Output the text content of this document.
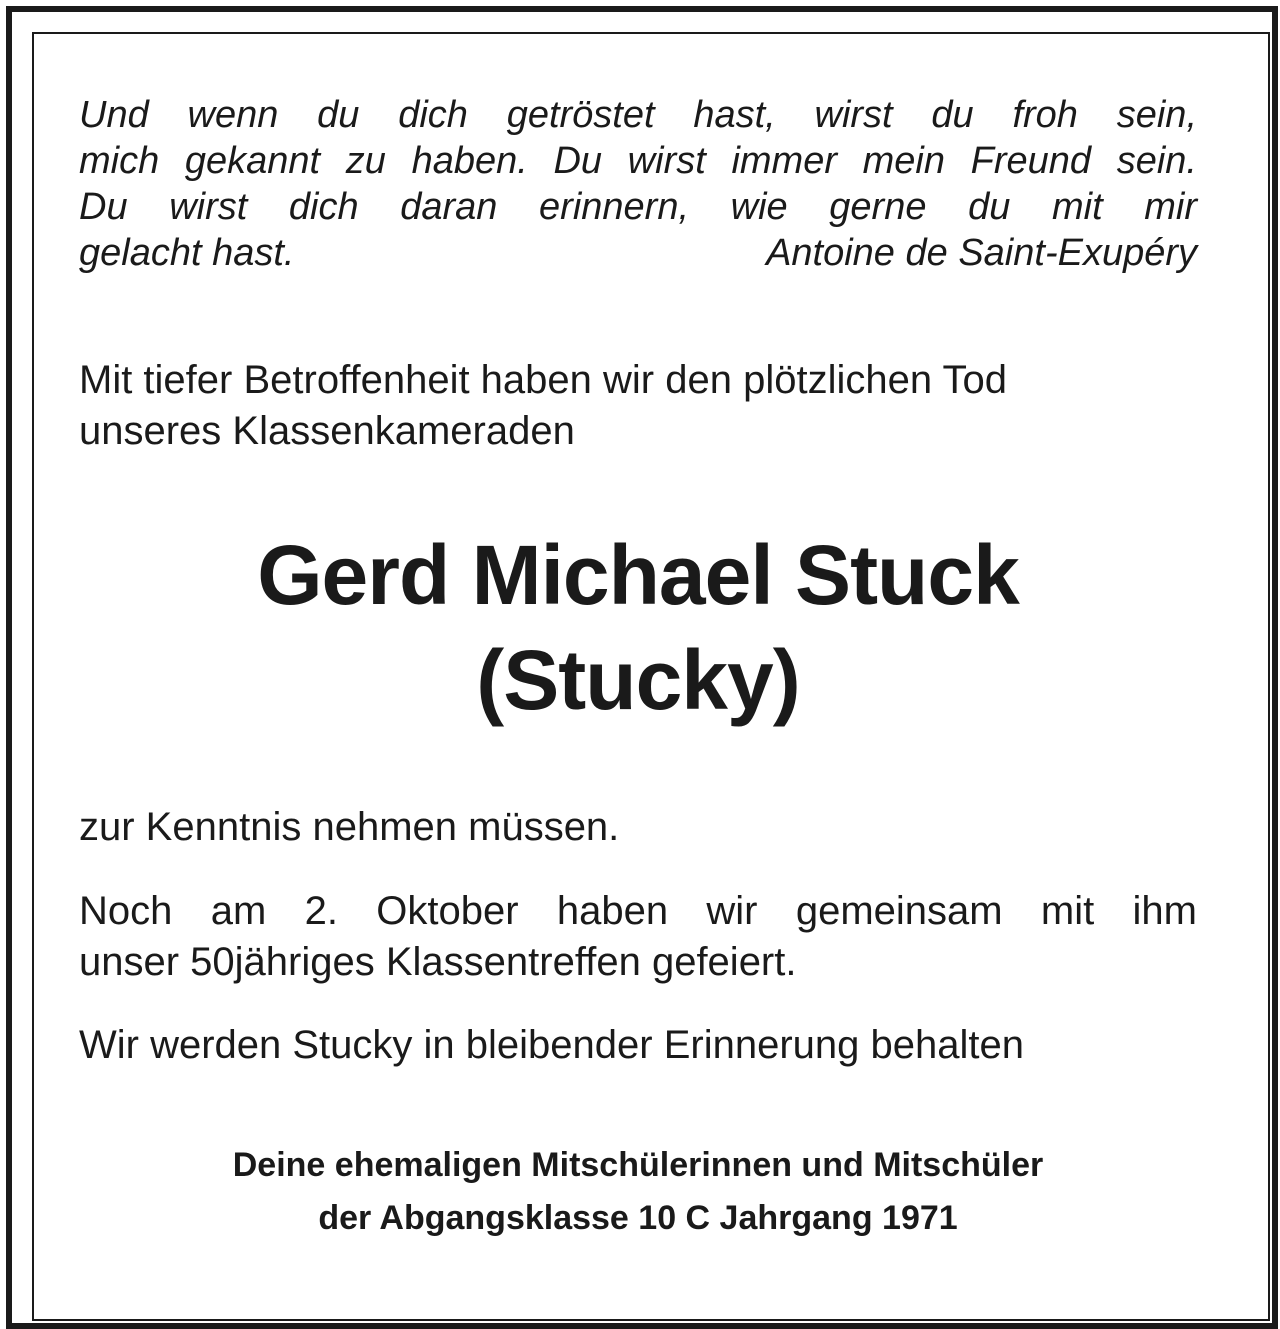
Und wenn du dich getröstet hast, wirst du froh sein,
mich gekannt zu haben. Du wirst immer mein Freund sein.
Du wirst dich daran erinnern, wie gerne du mit mir
gelacht hast.	Antoine de Saint-Exupéry
Mit tiefer Betroffenheit haben wir den plötzlichen Tod
unseres Klassenkameraden
Gerd Michael Stuck
(Stucky)
zur Kenntnis nehmen müssen.
Noch am 2. Oktober haben wir gemeinsam mit ihm
unser 50jähriges Klassentreffen gefeiert.
Wir werden Stucky in bleibender Erinnerung behalten
Deine ehemaligen Mitschülerinnen und Mitschüler
der Abgangsklasse 10 C Jahrgang 1971
